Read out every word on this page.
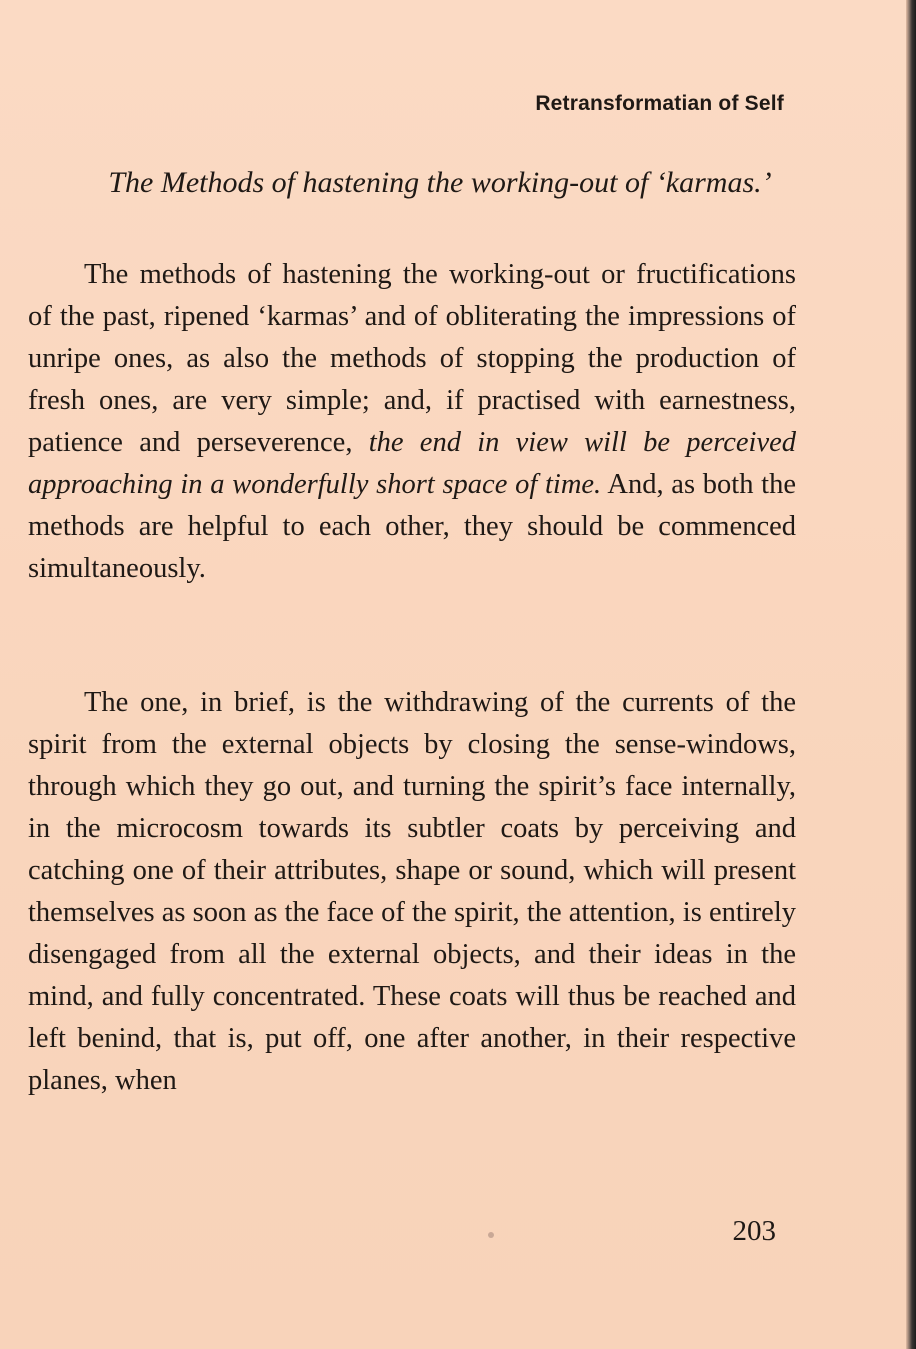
Retransformatian of Self
The Methods of hastening the working-out of ‘karmas.’
The methods of hastening the working-out or fructifications of the past, ripened ‘karmas’ and of obliterating the impressions of unripe ones, as also the methods of stopping the production of fresh ones, are very simple; and, if practised with earnestness, patience and perseverence, the end in view will be perceived approaching in a wonderfully short space of time. And, as both the methods are helpful to each other, they should be commenced simultaneously.
The one, in brief, is the withdrawing of the currents of the spirit from the external objects by closing the sense-windows, through which they go out, and turning the spirit’s face internally, in the microcosm towards its subtler coats by perceiving and catching one of their attributes, shape or sound, which will present themselves as soon as the face of the spirit, the attention, is entirely disengaged from all the external objects, and their ideas in the mind, and fully concentrated. These coats will thus be reached and left benind, that is, put off, one after another, in their respective planes, when
203
